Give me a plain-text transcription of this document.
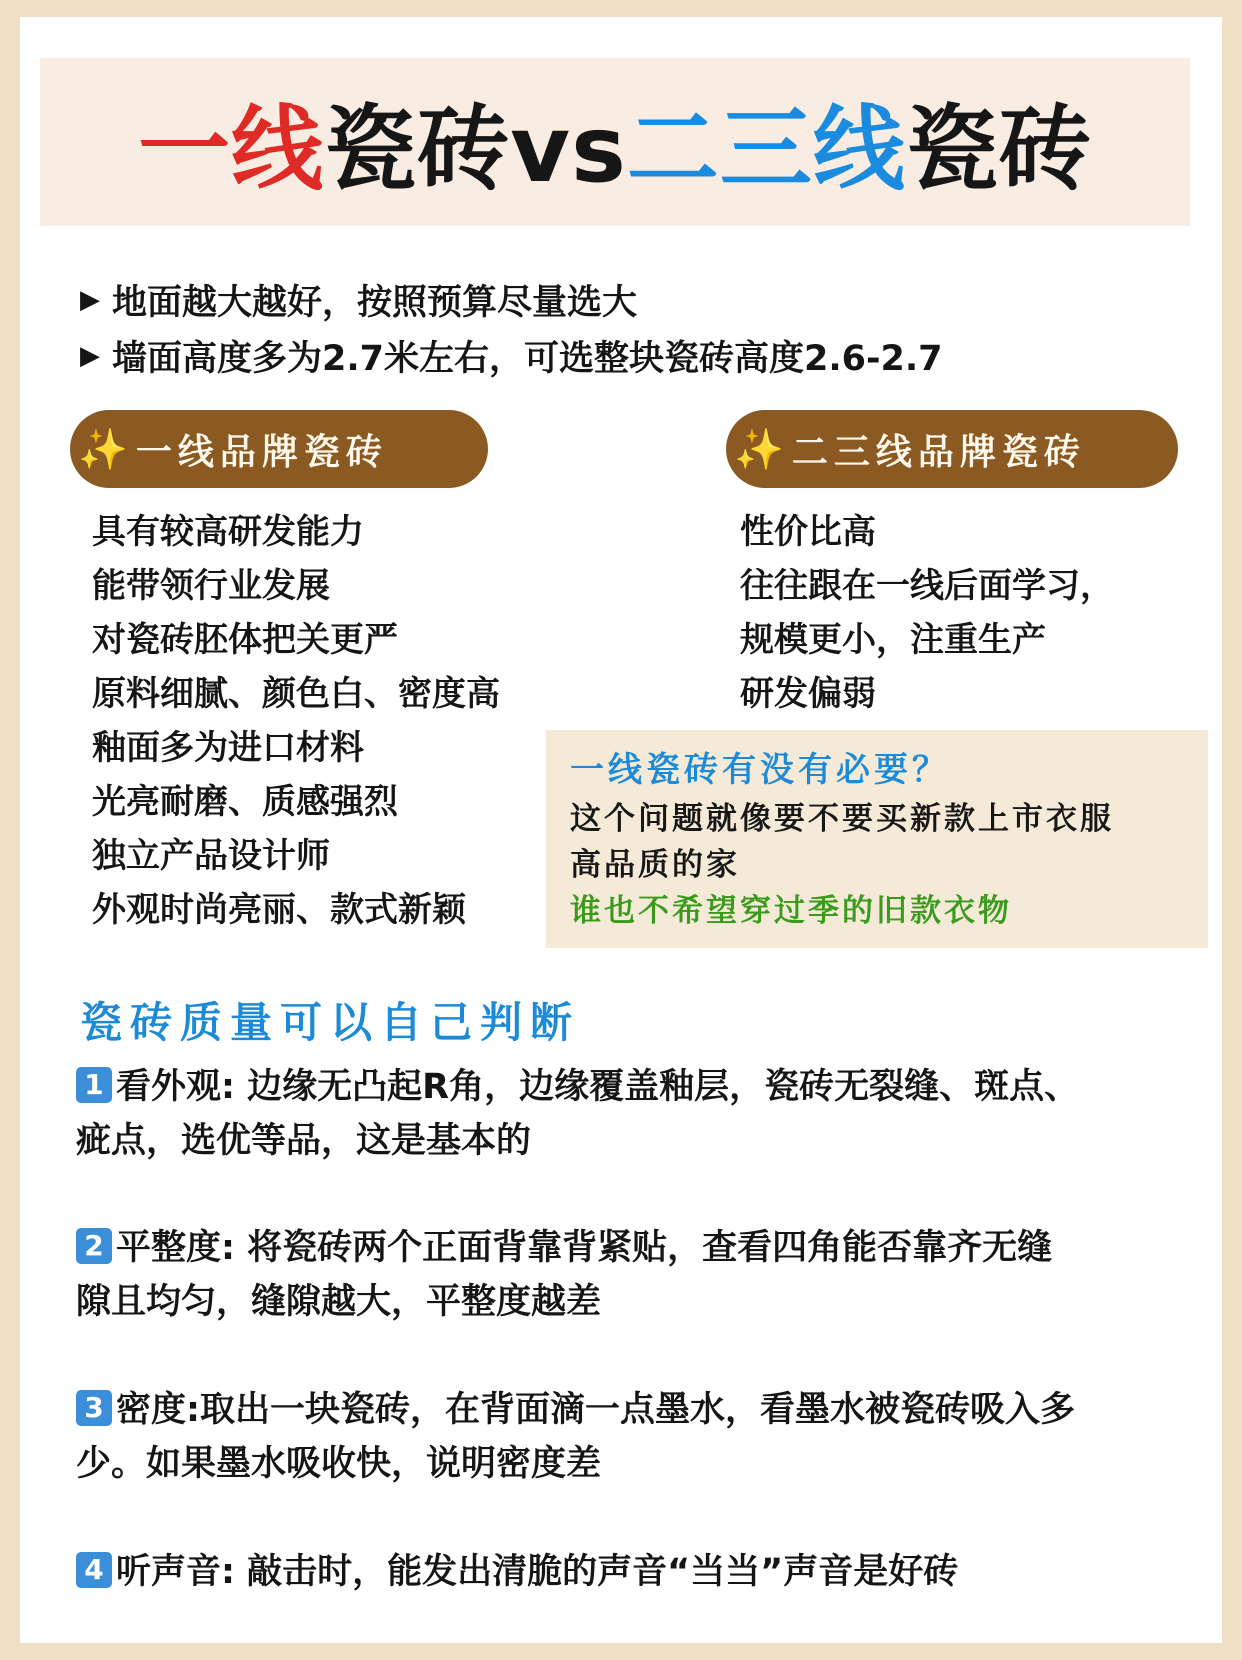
一线 瓷砖vs 二三线 瓷砖
▶ 地面越大越好，按照预算尽量选大
▶ 墙面高度多为2.7米左右，可选整块瓷砖高度2.6-2.7
✨ 一线品牌瓷砖	✨ 二三线品牌瓷砖
具有较高研发能力
能带领行业发展
对瓷砖胚体把关更严
原料细腻、颜色白、密度高
釉面多为进口材料
光亮耐磨、质感强烈
独立产品设计师
外观时尚亮丽、款式新颖
性价比高
往往跟在一线后面学习，
规模更小，注重生产
研发偏弱
一线瓷砖有没有必要？
这个问题就像要不要买新款上市衣服
高品质的家
谁也不希望穿过季的旧款衣物
瓷砖质量可以自己判断
1 看外观: 边缘无凸起R角，边缘覆盖釉层，瓷砖无裂缝、斑点、
疵点，选优等品，这是基本的
2 平整度: 将瓷砖两个正面背靠背紧贴，查看四角能否靠齐无缝
隙且均匀，缝隙越大，平整度越差
3 密度:取出一块瓷砖，在背面滴一点墨水，看墨水被瓷砖吸入多
少。如果墨水吸收快，说明密度差
4 听声音: 敲击时，能发出清脆的声音“当当”声音是好砖
